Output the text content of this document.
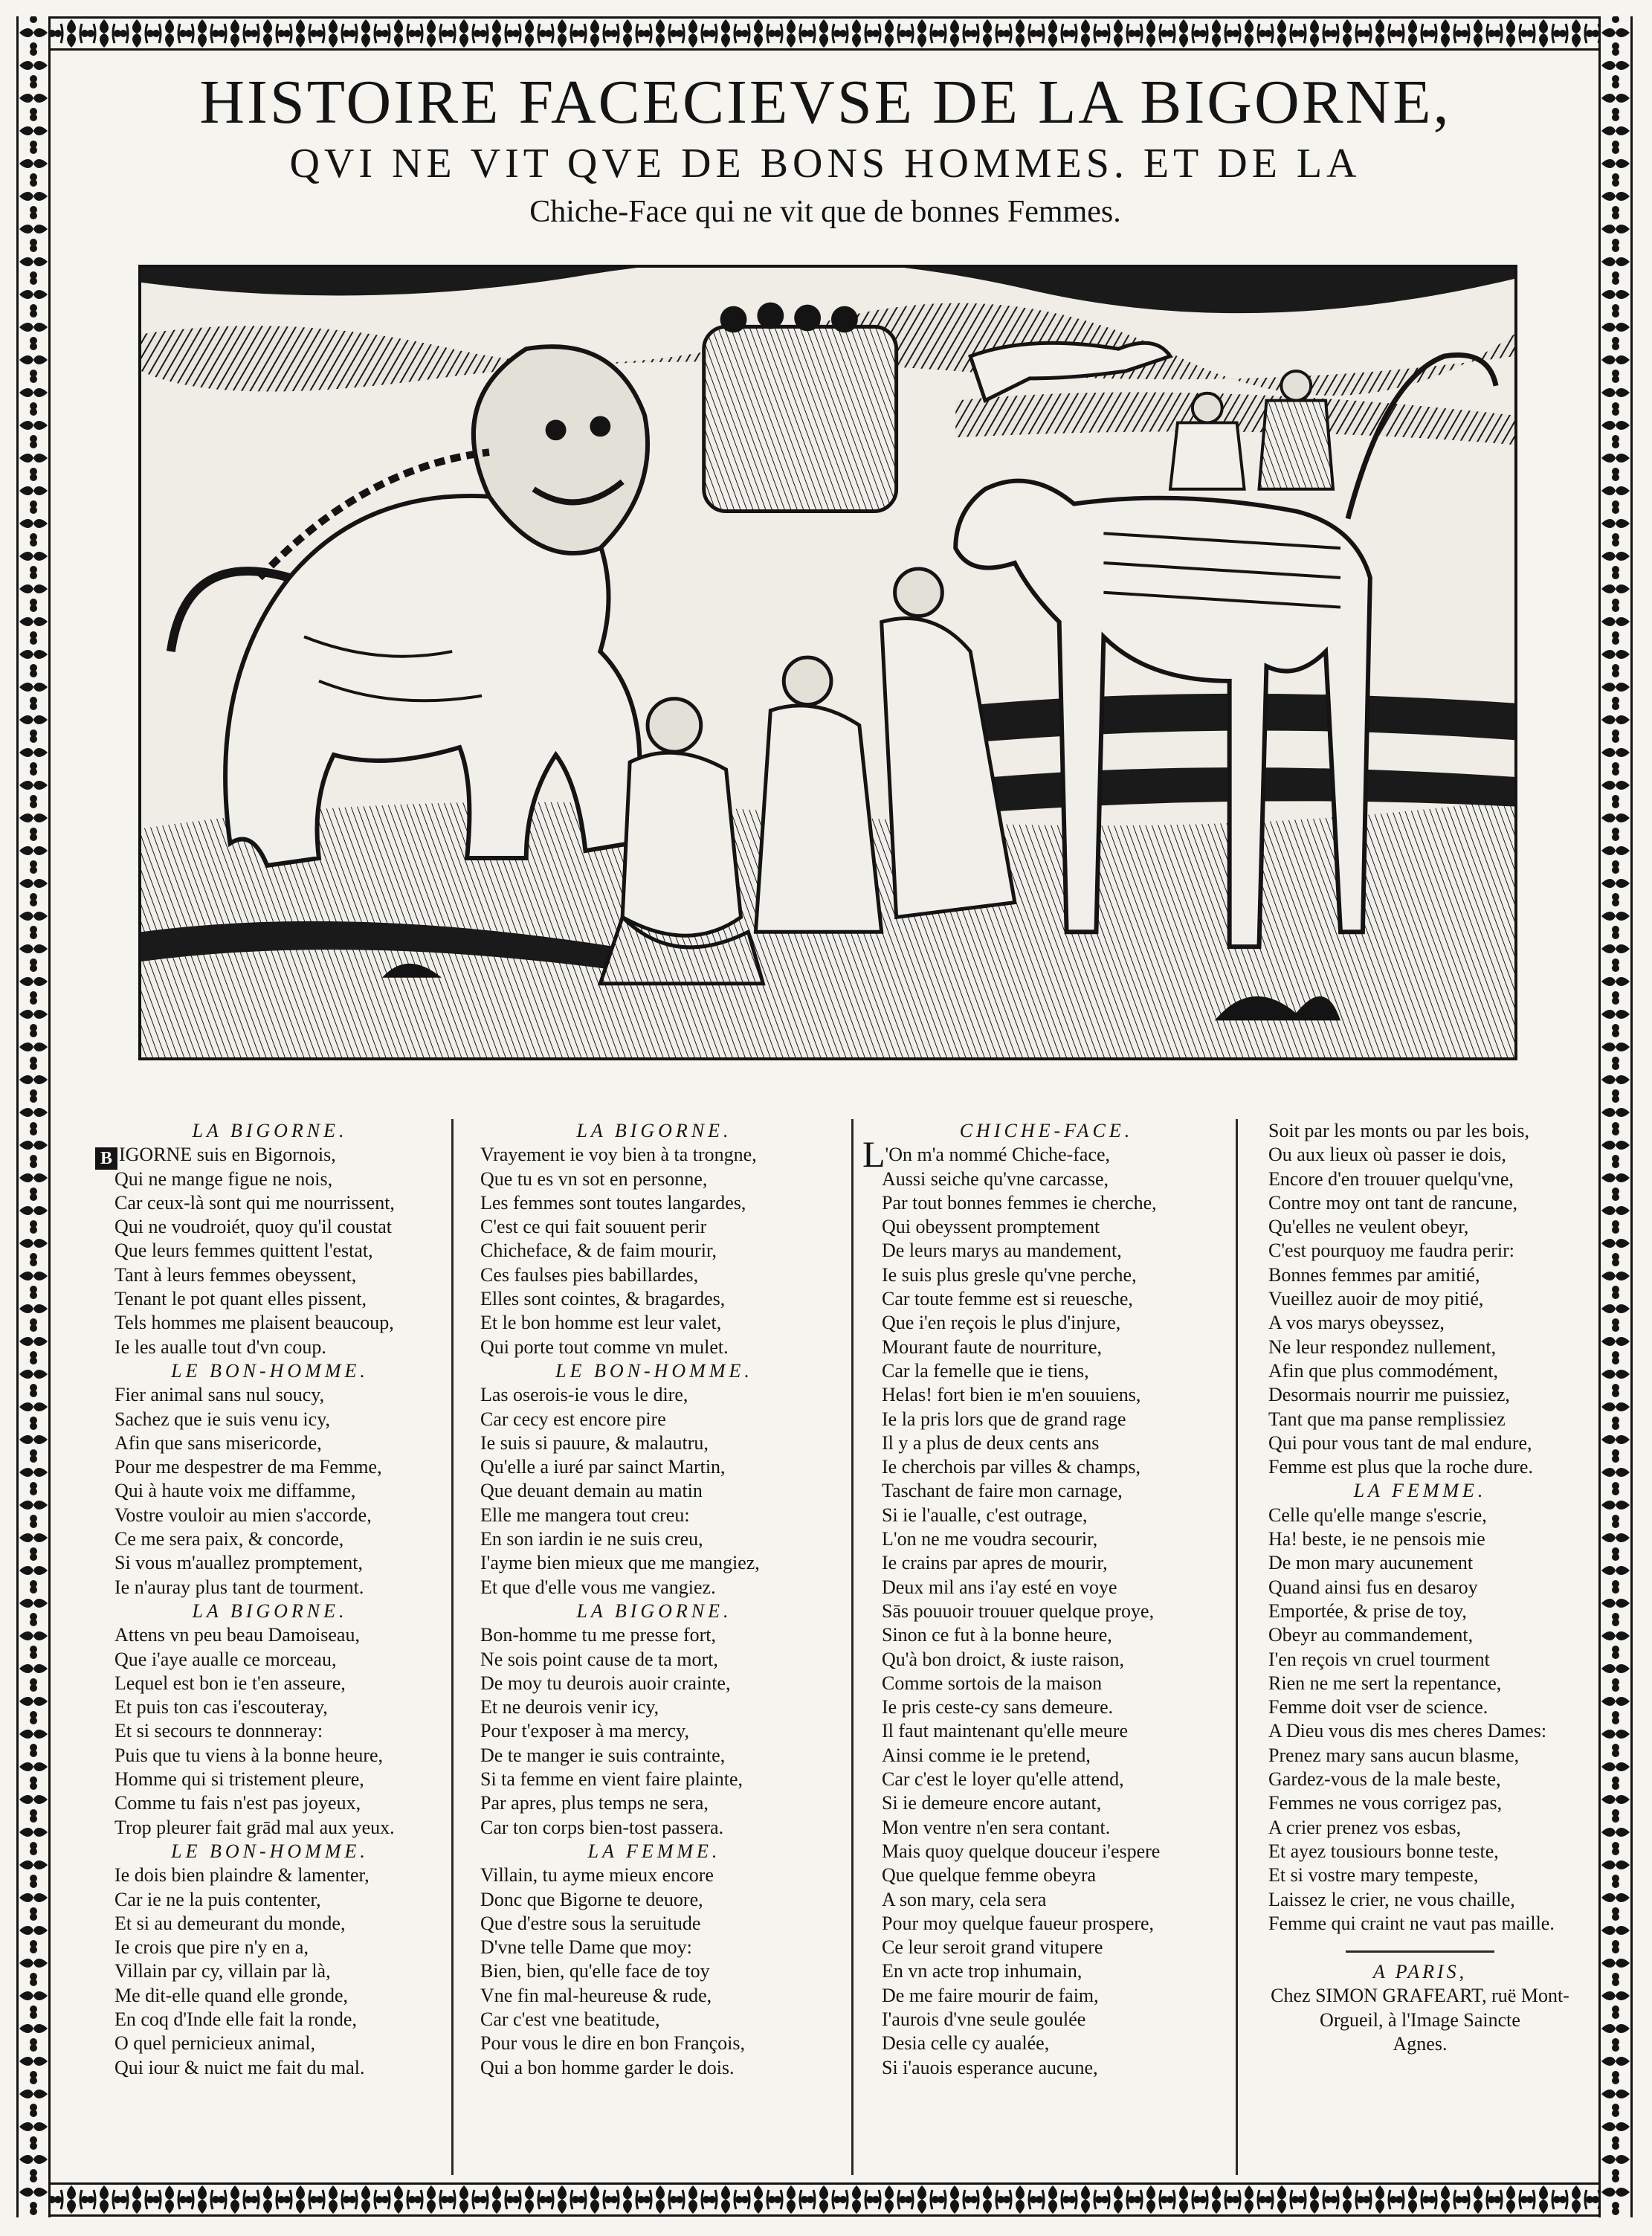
HISTOIRE FACECIEVSE DE LA BIGORNE,
QVI NE VIT QVE DE BONS HOMMES. ET DE LA
Chiche-Face qui ne vit que de bonnes Femmes.
LA BIGORNE.
B IGORNE suis en Bigornois,
Qui ne mange figue ne nois,
Car ceux-là sont qui me nourrissent,
Qui ne voudroiét, quoy qu'il coustat
Que leurs femmes quittent l'estat,
Tant à leurs femmes obeyssent,
Tenant le pot quant elles pissent,
Tels hommes me plaisent beaucoup,
Ie les aualle tout d'vn coup.
LE BON-HOMME.
Fier animal sans nul soucy,
Sachez que ie suis venu icy,
Afin que sans misericorde,
Pour me despestrer de ma Femme,
Qui à haute voix me diffamme,
Vostre vouloir au mien s'accorde,
Ce me sera paix, & concorde,
Si vous m'auallez promptement,
Ie n'auray plus tant de tourment.
LA BIGORNE.
Attens vn peu beau Damoiseau,
Que i'aye aualle ce morceau,
Lequel est bon ie t'en asseure,
Et puis ton cas i'escouteray,
Et si secours te donnneray:
Puis que tu viens à la bonne heure,
Homme qui si tristement pleure,
Comme tu fais n'est pas joyeux,
Trop pleurer fait grād mal aux yeux.
LE BON-HOMME.
Ie dois bien plaindre & lamenter,
Car ie ne la puis contenter,
Et si au demeurant du monde,
Ie crois que pire n'y en a,
Villain par cy, villain par là,
Me dit-elle quand elle gronde,
En coq d'Inde elle fait la ronde,
O quel pernicieux animal,
Qui iour & nuict me fait du mal.
LA BIGORNE.
Vrayement ie voy bien à ta trongne,
Que tu es vn sot en personne,
Les femmes sont toutes langardes,
C'est ce qui fait souuent perir
Chicheface, & de faim mourir,
Ces faulses pies babillardes,
Elles sont cointes, & bragardes,
Et le bon homme est leur valet,
Qui porte tout comme vn mulet.
LE BON-HOMME.
Las oserois-ie vous le dire,
Car cecy est encore pire
Ie suis si pauure, & malautru,
Qu'elle a iuré par sainct Martin,
Que deuant demain au matin
Elle me mangera tout creu:
En son iardin ie ne suis creu,
I'ayme bien mieux que me mangiez,
Et que d'elle vous me vangiez.
LA BIGORNE.
Bon-homme tu me presse fort,
Ne sois point cause de ta mort,
De moy tu deurois auoir crainte,
Et ne deurois venir icy,
Pour t'exposer à ma mercy,
De te manger ie suis contrainte,
Si ta femme en vient faire plainte,
Par apres, plus temps ne sera,
Car ton corps bien-tost passera.
LA FEMME.
Villain, tu ayme mieux encore
Donc que Bigorne te deuore,
Que d'estre sous la seruitude
D'vne telle Dame que moy:
Bien, bien, qu'elle face de toy
Vne fin mal-heureuse & rude,
Car c'est vne beatitude,
Pour vous le dire en bon François,
Qui a bon homme garder le dois.
CHICHE-FACE.
L'On m'a nommé Chiche-face,
Aussi seiche qu'vne carcasse,
Par tout bonnes femmes ie cherche,
Qui obeyssent promptement
De leurs marys au mandement,
Ie suis plus gresle qu'vne perche,
Car toute femme est si reuesche,
Que i'en reçois le plus d'injure,
Mourant faute de nourriture,
Car la femelle que ie tiens,
Helas! fort bien ie m'en souuiens,
Ie la pris lors que de grand rage
Il y a plus de deux cents ans
Ie cherchois par villes & champs,
Taschant de faire mon carnage,
Si ie l'aualle, c'est outrage,
L'on ne me voudra secourir,
Ie crains par apres de mourir,
Deux mil ans i'ay esté en voye
Sās pouuoir trouuer quelque proye,
Sinon ce fut à la bonne heure,
Qu'à bon droict, & iuste raison,
Comme sortois de la maison
Ie pris ceste-cy sans demeure.
Il faut maintenant qu'elle meure
Ainsi comme ie le pretend,
Car c'est le loyer qu'elle attend,
Si ie demeure encore autant,
Mon ventre n'en sera contant.
Mais quoy quelque douceur i'espere
Que quelque femme obeyra
A son mary, cela sera
Pour moy quelque faueur prospere,
Ce leur seroit grand vitupere
En vn acte trop inhumain,
De me faire mourir de faim,
I'aurois d'vne seule goulée
Desia celle cy aualée,
Si i'auois esperance aucune,
Soit par les monts ou par les bois,
Ou aux lieux où passer ie dois,
Encore d'en trouuer quelqu'vne,
Contre moy ont tant de rancune,
Qu'elles ne veulent obeyr,
C'est pourquoy me faudra perir:
Bonnes femmes par amitié,
Vueillez auoir de moy pitié,
A vos marys obeyssez,
Ne leur respondez nullement,
Afin que plus commodément,
Desormais nourrir me puissiez,
Tant que ma panse remplissiez
Qui pour vous tant de mal endure,
Femme est plus que la roche dure.
LA FEMME.
Celle qu'elle mange s'escrie,
Ha! beste, ie ne pensois mie
De mon mary aucunement
Quand ainsi fus en desaroy
Emportée, & prise de toy,
Obeyr au commandement,
I'en reçois vn cruel tourment
Rien ne me sert la repentance,
Femme doit vser de science.
A Dieu vous dis mes cheres Dames:
Prenez mary sans aucun blasme,
Gardez-vous de la male beste,
Femmes ne vous corrigez pas,
A crier prenez vos esbas,
Et ayez tousiours bonne teste,
Et si vostre mary tempeste,
Laissez le crier, ne vous chaille,
Femme qui craint ne vaut pas maille.
A PARIS,
Chez SIMON GRAFEART, ruë Mont-
Orgueil, à l'Image Saincte
Agnes.
